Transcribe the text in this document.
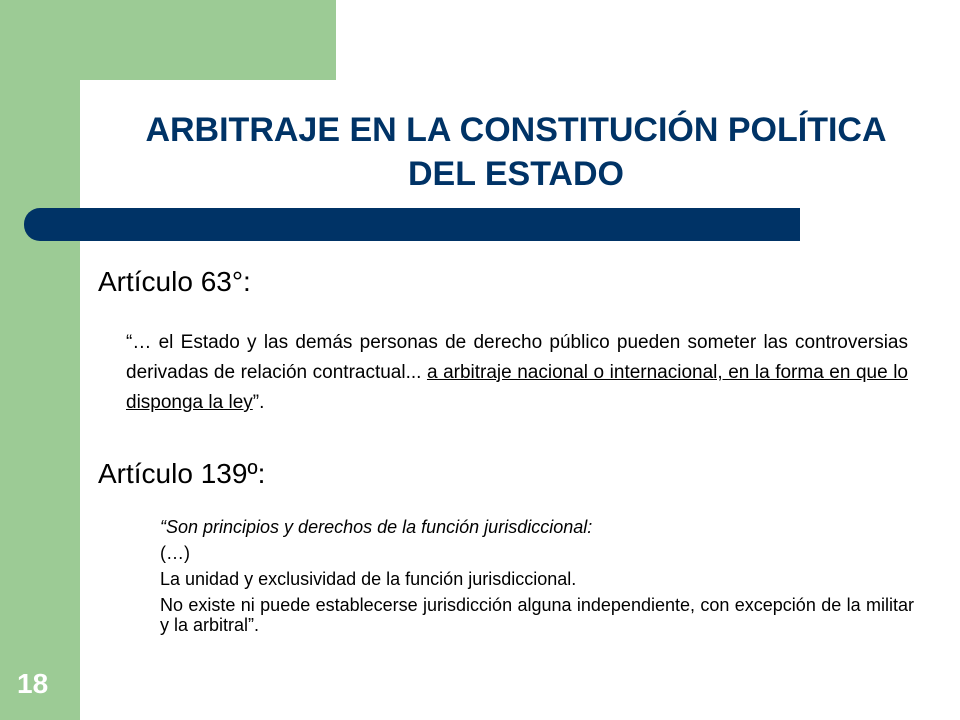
ARBITRAJE EN LA CONSTITUCIÓN POLÍTICA
DEL ESTADO
Artículo 63°:
“… el Estado y las demás personas de derecho público pueden someter las controversias derivadas de relación contractual... a arbitraje nacional o internacional, en la forma en que lo disponga la ley”.
Artículo 139º:
“Son principios y derechos de la función jurisdiccional:
(…)
La unidad y exclusividad de la función jurisdiccional.
No existe ni puede establecerse jurisdicción alguna independiente, con excepción de la militar y la arbitral”.
18
